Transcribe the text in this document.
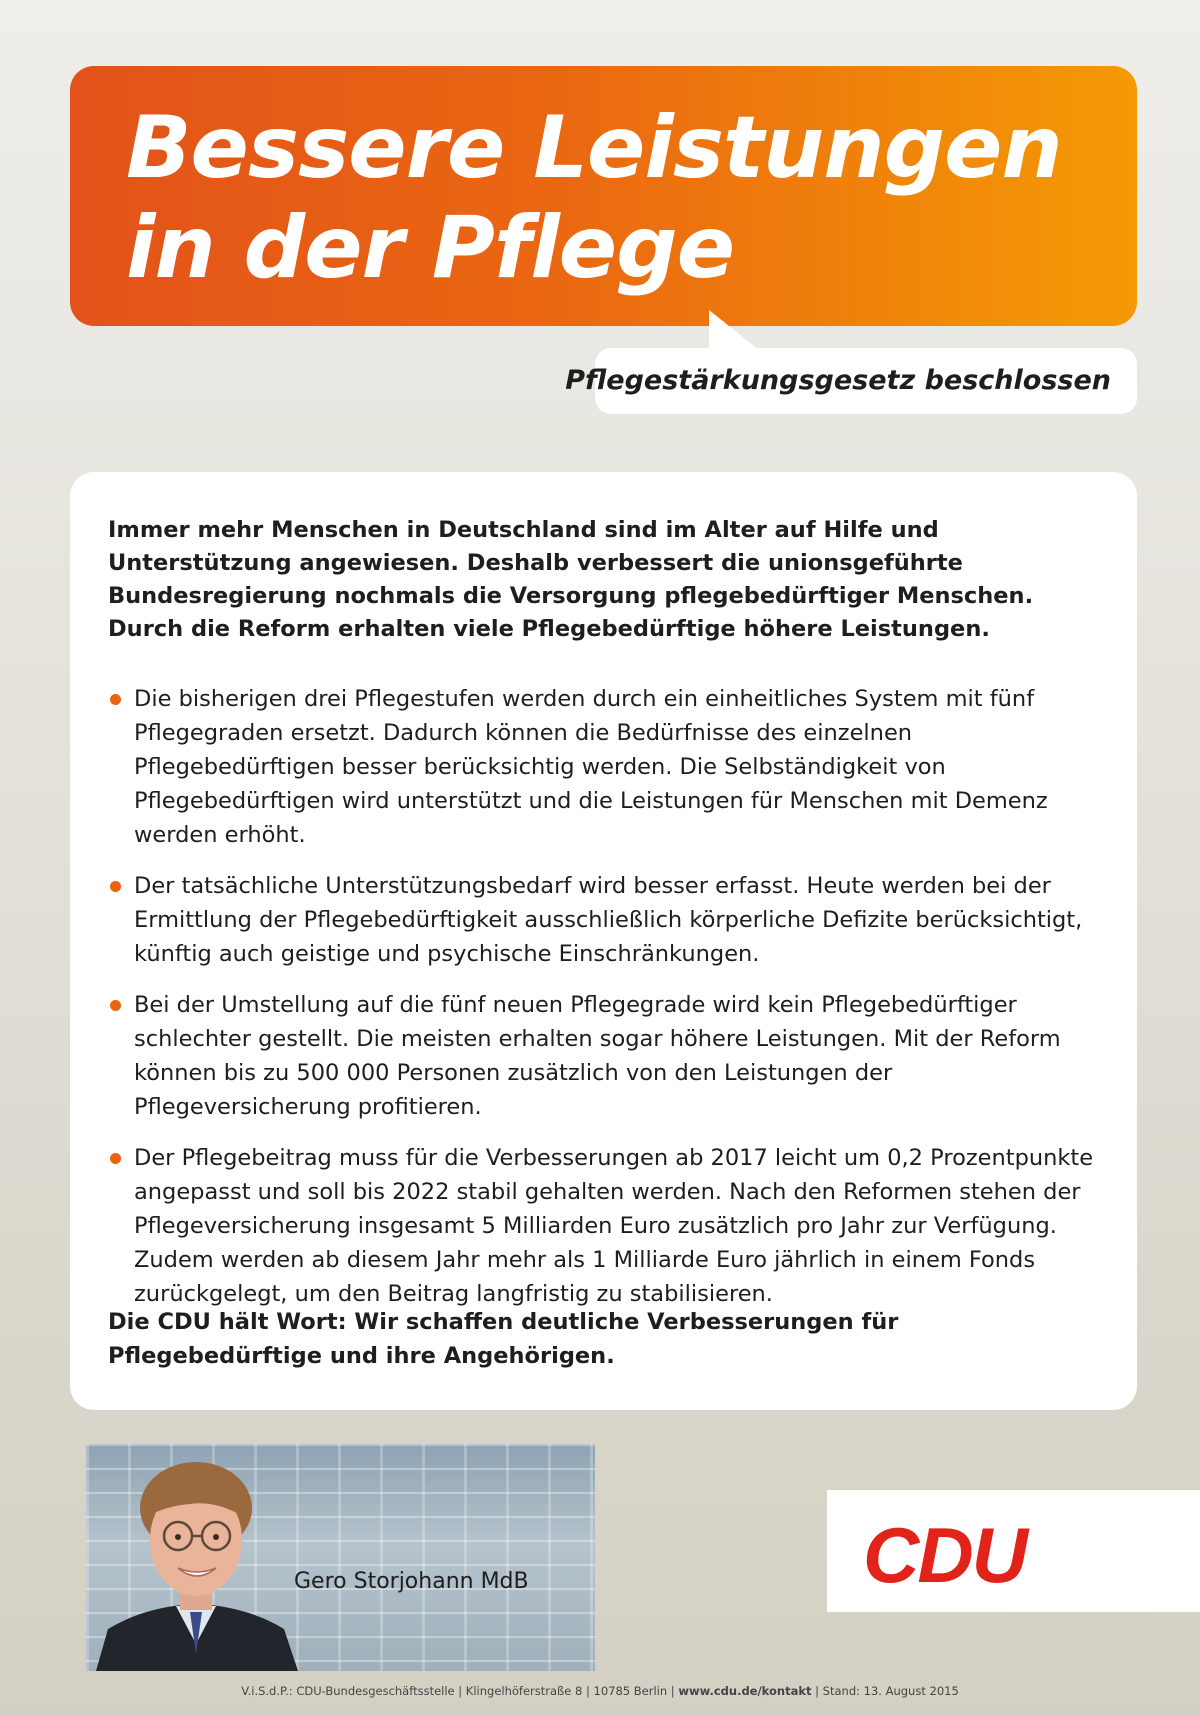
Bessere Leistungen in der Pflege

Pflegestärkungsgesetz beschlossen

Immer mehr Menschen in Deutschland sind im Alter auf Hilfe und Unterstützung angewiesen. Deshalb verbessert die unionsgeführte Bundesregierung nochmals die Versorgung pflegebedürftiger Menschen. Durch die Reform erhalten viele Pflegebedürftige höhere Leistungen.

Die bisherigen drei Pflegestufen werden durch ein einheitliches System mit fünf Pflegegraden ersetzt. Dadurch können die Bedürfnisse des einzelnen Pflegebedürftigen besser berücksichtig werden. Die Selbständigkeit von Pflegebedürftigen wird unterstützt und die Leistungen für Menschen mit Demenz werden erhöht.
Der tatsächliche Unterstützungsbedarf wird besser erfasst. Heute werden bei der Ermittlung der Pflegebedürftigkeit ausschließlich körperliche Defizite berücksichtigt, künftig auch geistige und psychische Einschränkungen.
Bei der Umstellung auf die fünf neuen Pflegegrade wird kein Pflegebedürftiger schlechter gestellt. Die meisten erhalten sogar höhere Leistungen. Mit der Reform können bis zu 500 000 Personen zusätzlich von den Leistungen der Pflegeversicherung profitieren.
Der Pflegebeitrag muss für die Verbesserungen ab 2017 leicht um 0,2 Prozentpunkte angepasst und soll bis 2022 stabil gehalten werden. Nach den Reformen stehen der Pflegeversicherung insgesamt 5 Milliarden Euro zusätzlich pro Jahr zur Verfügung. Zudem werden ab diesem Jahr mehr als 1 Milliarde Euro jährlich in einem Fonds zurückgelegt, um den Beitrag langfristig zu stabilisieren.

Die CDU hält Wort: Wir schaffen deutliche Verbesserungen für Pflegebedürftige und ihre Angehörigen.

Gero Storjohann MdB	CDU

V.i.S.d.P.: CDU-Bundesgeschäftsstelle | Klingelhöferstraße 8 | 10785 Berlin | www.cdu.de/kontakt | Stand: 13. August 2015
